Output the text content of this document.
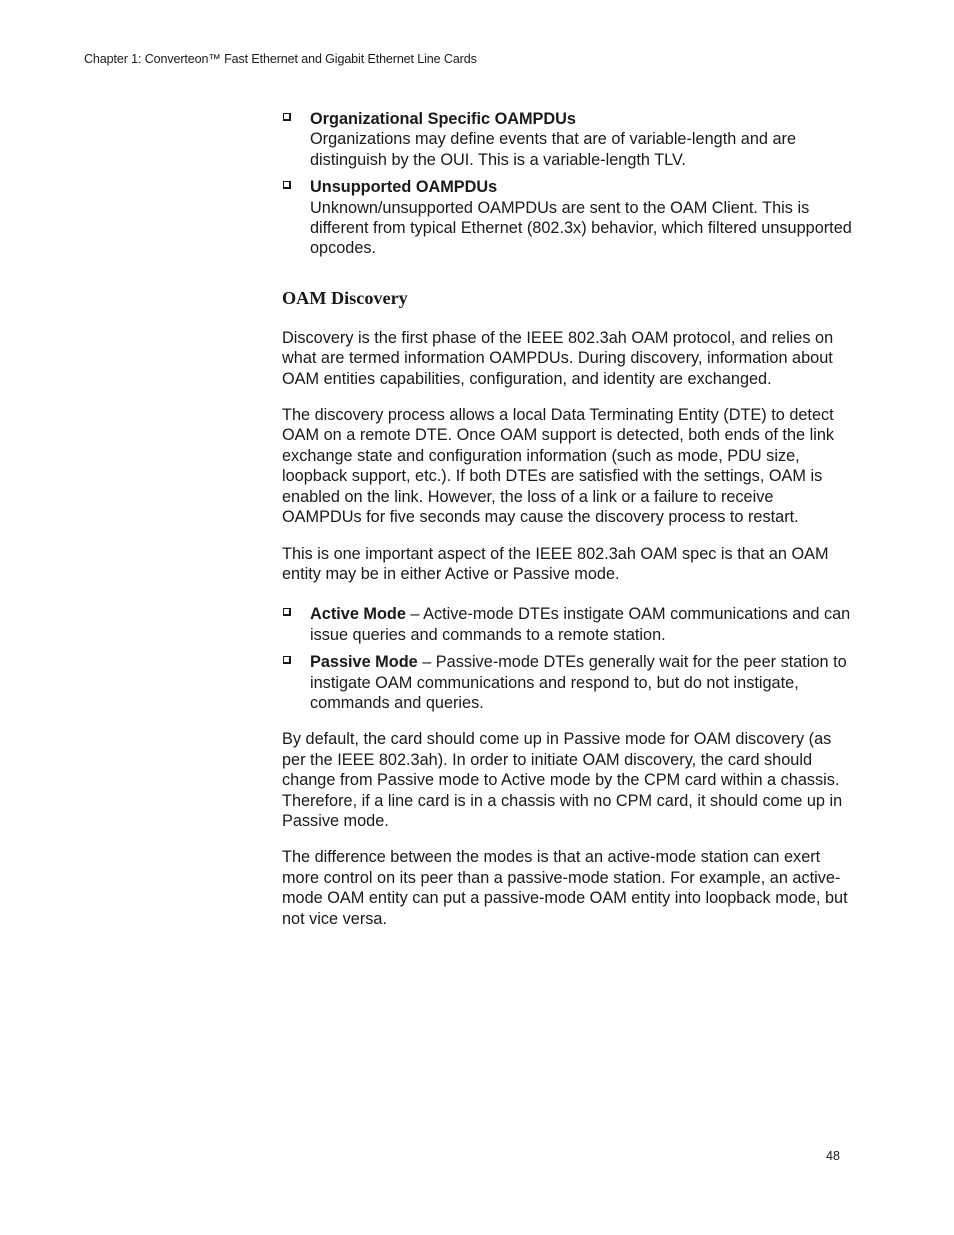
Chapter 1: Converteon™ Fast Ethernet and Gigabit Ethernet Line Cards
Organizational Specific OAMPDUs
Organizations may define events that are of variable-length and are distinguish by the OUI. This is a variable-length TLV.
Unsupported OAMPDUs
Unknown/unsupported OAMPDUs are sent to the OAM Client. This is different from typical Ethernet (802.3x) behavior, which filtered unsupported opcodes.
OAM Discovery

Discovery is the first phase of the IEEE 802.3ah OAM protocol, and relies on what are termed information OAMPDUs. During discovery, information about OAM entities capabilities, configuration, and identity are exchanged.

The discovery process allows a local Data Terminating Entity (DTE) to detect OAM on a remote DTE. Once OAM support is detected, both ends of the link exchange state and configuration information (such as mode, PDU size, loopback support, etc.). If both DTEs are satisfied with the settings, OAM is enabled on the link. However, the loss of a link or a failure to receive OAMPDUs for five seconds may cause the discovery process to restart.

This is one important aspect of the IEEE 802.3ah OAM spec is that an OAM entity may be in either Active or Passive mode.

Active Mode – Active-mode DTEs instigate OAM communications and can issue queries and commands to a remote station.
Passive Mode – Passive-mode DTEs generally wait for the peer station to instigate OAM communications and respond to, but do not instigate, commands and queries.

By default, the card should come up in Passive mode for OAM discovery (as per the IEEE 802.3ah). In order to initiate OAM discovery, the card should change from Passive mode to Active mode by the CPM card within a chassis. Therefore, if a line card is in a chassis with no CPM card, it should come up in Passive mode.

The difference between the modes is that an active-mode station can exert more control on its peer than a passive-mode station. For example, an active-mode OAM entity can put a passive-mode OAM entity into loopback mode, but not vice versa.

48
